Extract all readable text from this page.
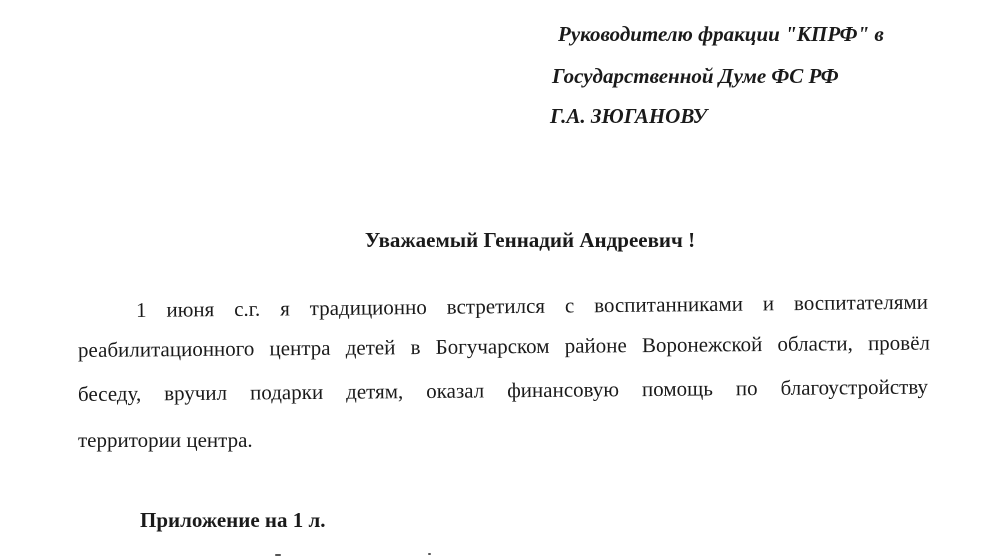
Руководителю фракции "КПРФ" в
Государственной Думе ФС РФ
Г.А. ЗЮГАНОВУ
Уважаемый Геннадий Андреевич !
1 июня с.г. я традиционно встретился с воспитанниками и воспитателями
реабилитационного центра детей в Богучарском районе Воронежской области, провёл
беседу, вручил подарки детям, оказал финансовую помощь по благоустройству
территории центра.
Приложение на 1 л.
